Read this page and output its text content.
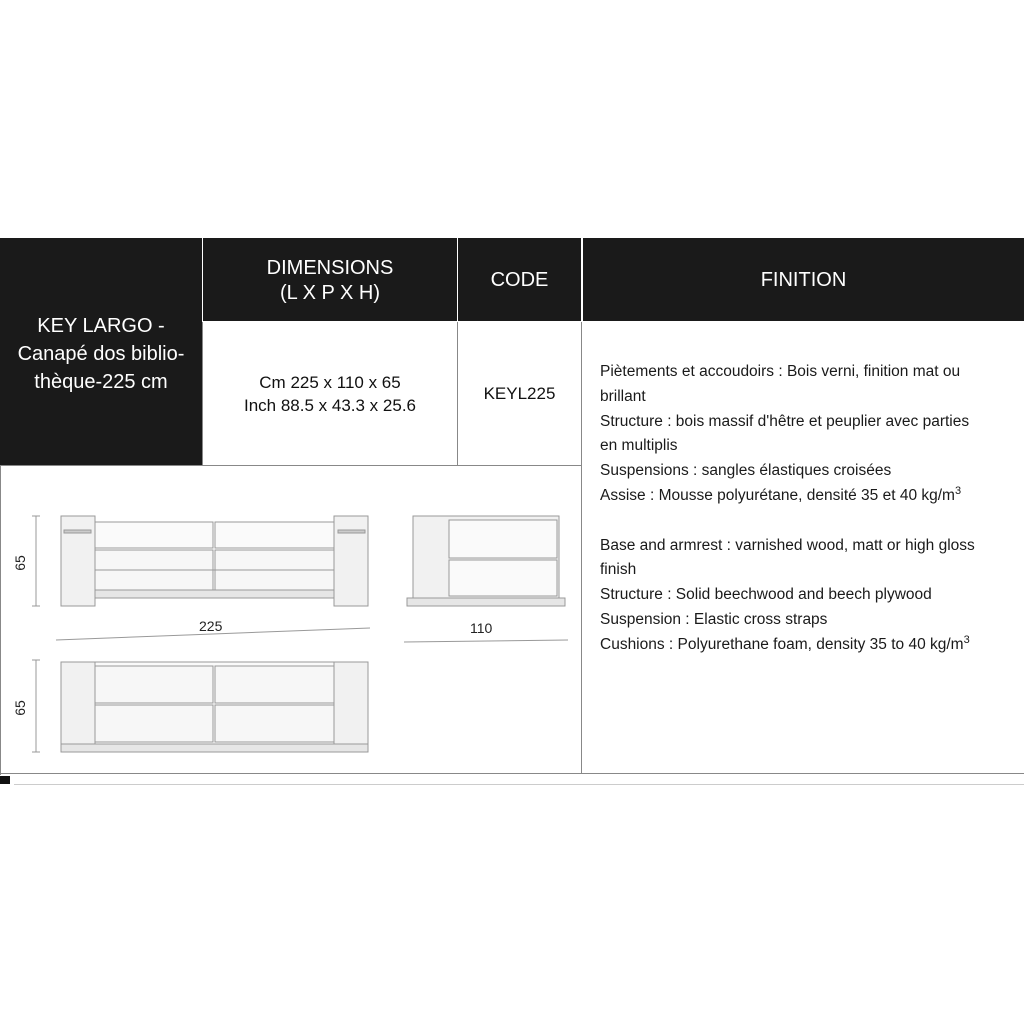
KEY LARGO -
Canapé dos biblio-
thèque-225 cm
DIMENSIONS
(L X P X H)
CODE	FINITION
Cm 225 x 110 x 65
Inch 88.5 x 43.3 x 25.6
KEYL225

Piètements et accoudoirs : Bois verni, finition mat ou

brillant

Structure : bois massif d'hêtre et peuplier avec parties

en multiplis

Suspensions : sangles élastiques croisées

Assise : Mousse polyurétane, densité 35 et 40 $kg/m^3$

Base and armrest : varnished wood, matt or high gloss

finish

Structure : Solid beechwood and beech plywood

Suspension : Elastic cross straps

Cushions : Polyurethane foam, density 35 to 40 $kg/m^3$

65
225	110
65
